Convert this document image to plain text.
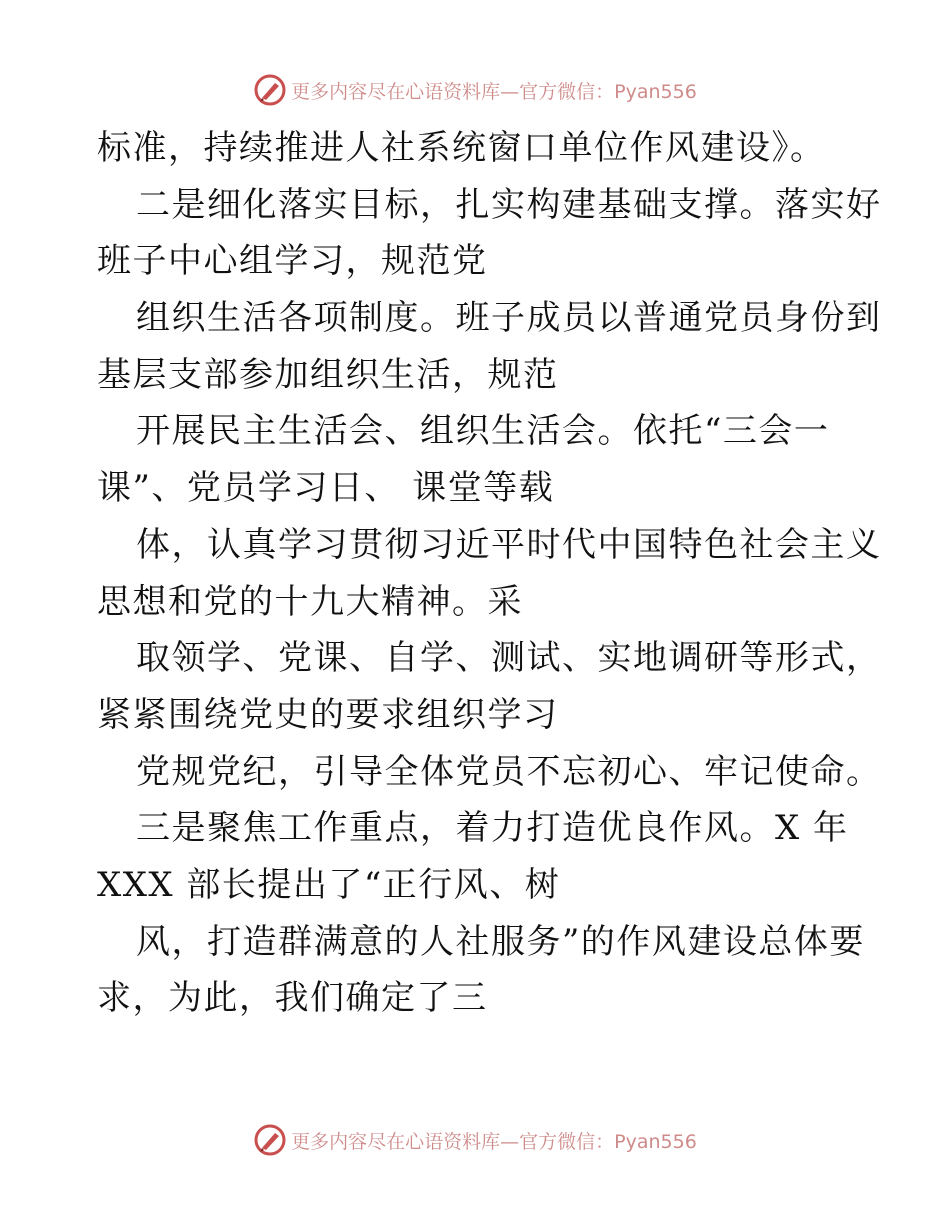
更多内容尽在心语资料库—官方微信：Pyan556
标准，持续推进人社系统窗口单位作风建设》。
二是细化落实目标，扎实构建基础支撑。落实好
班子中心组学习，规范党
组织生活各项制度。班子成员以普通党员身份到
基层支部参加组织生活，规范
开展民主生活会、组织生活会。依托“三会一
课”、党员学习日、 课堂等载
体，认真学习贯彻习近平时代中国特色社会主义
思想和党的十九大精神。采
取领学、党课、自学、测试、实地调研等形式，
紧紧围绕党史的要求组织学习
党规党纪，引导全体党员不忘初心、牢记使命。
三是聚焦工作重点，着力打造优良作风。X 年
XXX 部长提出了“正行风、树
风，打造群满意的人社服务”的作风建设总体要
求，为此，我们确定了三
更多内容尽在心语资料库—官方微信：Pyan556
